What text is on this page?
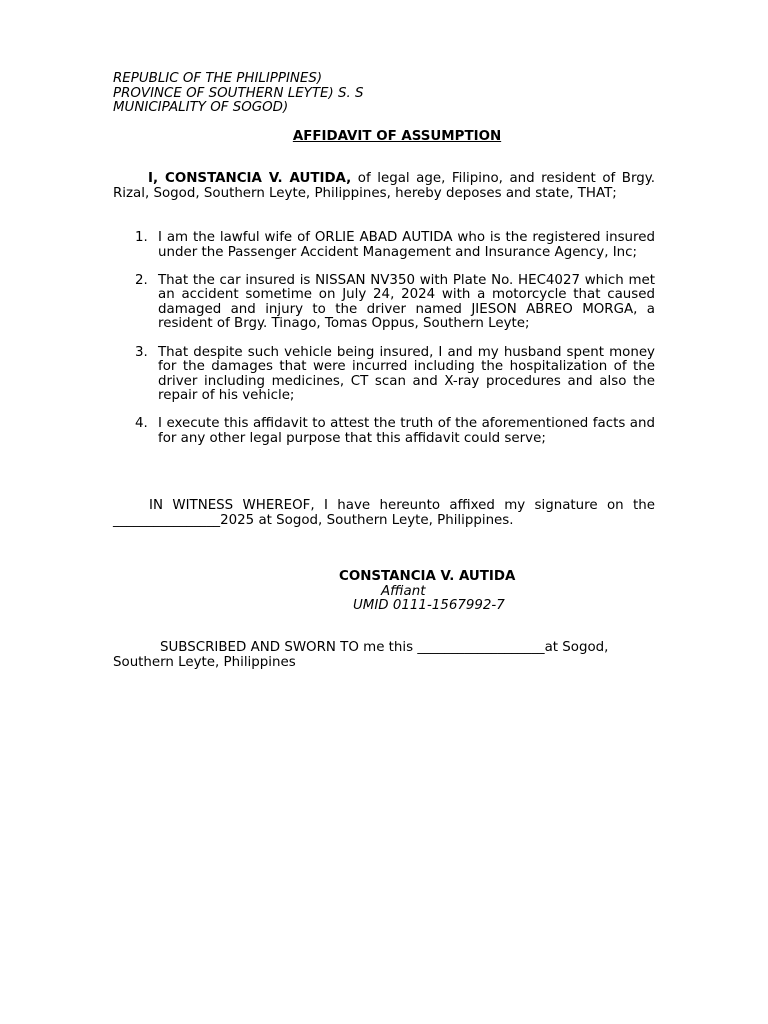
REPUBLIC OF THE PHILIPPINES)
PROVINCE OF SOUTHERN LEYTE) S. S
MUNICIPALITY OF SOGOD)
AFFIDAVIT OF ASSUMPTION
I, CONSTANCIA V. AUTIDA, of legal age, Filipino, and resident of Brgy. Rizal, Sogod, Southern Leyte, Philippines, hereby deposes and state, THAT;
1. I am the lawful wife of ORLIE ABAD AUTIDA who is the registered insured under the Passenger Accident Management and Insurance Agency, Inc;
2. That the car insured is NISSAN NV350 with Plate No. HEC4027 which met an accident sometime on July 24, 2024 with a motorcycle that caused damaged and injury to the driver named JIESON ABREO MORGA, a resident of Brgy. Tinago, Tomas Oppus, Southern Leyte;
3. That despite such vehicle being insured, I and my husband spent money for the damages that were incurred including the hospitalization of the driver including medicines, CT scan and X-ray procedures and also the repair of his vehicle;
4. I execute this affidavit to attest the truth of the aforementioned facts and for any other legal purpose that this affidavit could serve;
IN WITNESS WHEREOF, I have hereunto affixed my signature on the ________________2025 at Sogod, Southern Leyte, Philippines.
CONSTANCIA V. AUTIDA
Affiant
UMID 0111-1567992-7
SUBSCRIBED AND SWORN TO me this ___________________at Sogod, Southern Leyte, Philippines
